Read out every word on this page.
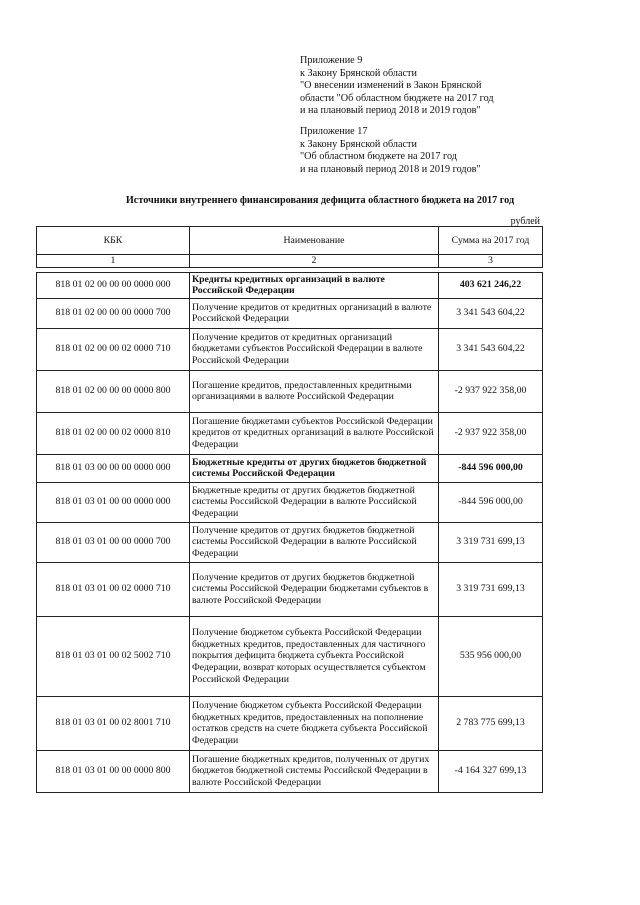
Приложение 9
к Закону Брянской области
"О внесении изменений в Закон Брянской
области "Об областном бюджете на 2017 год
и на плановый период 2018 и 2019 годов"
Приложение 17
к Закону Брянской области
"Об областном бюджете на 2017 год
и на плановый период 2018 и 2019 годов"
Источники внутреннего финансирования дефицита областного бюджета на 2017 год
рублей
КБК	Наименование	Сумма на 2017 год
1	2	3

818 01 02 00 00 00 0000 000	Кредиты кредитных организаций в валюте Российской Федерации	403 621 246,22
818 01 02 00 00 00 0000 700	Получение кредитов от кредитных организаций в валюте Российской Федерации	3 341 543 604,22
818 01 02 00 00 02 0000 710	Получение кредитов от кредитных организаций бюджетами субъектов Российской Федерации в валюте Российской Федерации	3 341 543 604,22
818 01 02 00 00 00 0000 800	Погашение кредитов, предоставленных кредитными организациями в валюте Российской Федерации	-2 937 922 358,00
818 01 02 00 00 02 0000 810	Погашение бюджетами субъектов Российской Федерации кредитов от кредитных организаций в валюте Российской Федерации	-2 937 922 358,00
818 01 03 00 00 00 0000 000	Бюджетные кредиты от других бюджетов бюджетной системы Российской Федерации	-844 596 000,00
818 01 03 01 00 00 0000 000	Бюджетные кредиты от других бюджетов бюджетной системы Российской Федерации в валюте Российской Федерации	-844 596 000,00
818 01 03 01 00 00 0000 700	Получение кредитов от других бюджетов бюджетной системы Российской Федерации в валюте Российской Федерации	3 319 731 699,13
818 01 03 01 00 02 0000 710	Получение кредитов от других бюджетов бюджетной системы Российской Федерации бюджетами субъектов в валюте Российской Федерации	3 319 731 699,13
818 01 03 01 00 02 5002 710	Получение бюджетом субъекта Российской Федерации бюджетных кредитов, предоставленных для частичного покрытия дефицита бюджета субъекта Российской Федерации, возврат которых осуществляется субъектом Российской Федерации	535 956 000,00
818 01 03 01 00 02 8001 710	Получение бюджетом субъекта Российской Федерации бюджетных кредитов, предоставленных на пополнение остатков средств на счете бюджета субъекта Российской Федерации	2 783 775 699,13
818 01 03 01 00 00 0000 800	Погашение бюджетных кредитов, полученных от других бюджетов бюджетной системы Российской Федерации в валюте Российской Федерации	-4 164 327 699,13
